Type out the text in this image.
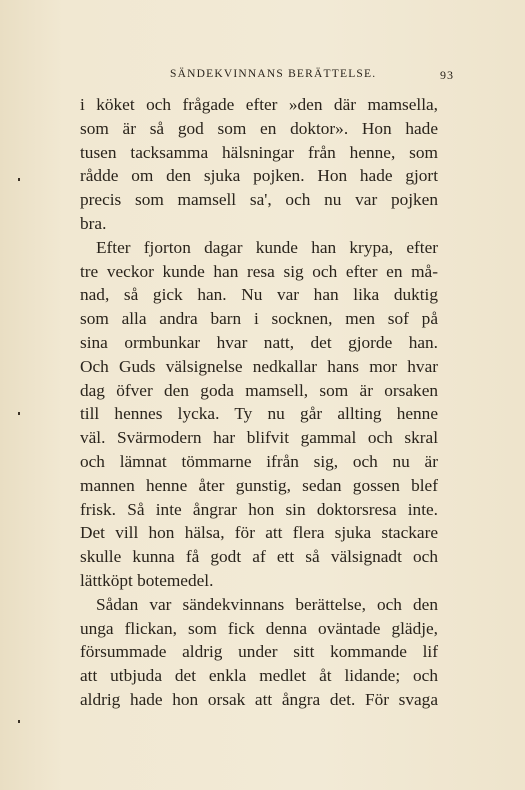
SÄNDEKVINNANS BERÄTTELSE.	93
i köket och frågade efter »den där mamsella,
som är så god som en doktor». Hon hade
tusen tacksamma hälsningar från henne, som
rådde om den sjuka pojken. Hon hade gjort
precis som mamsell sa', och nu var pojken
bra.
Efter fjorton dagar kunde han krypa, efter
tre veckor kunde han resa sig och efter en må-
nad, så gick han. Nu var han lika duktig
som alla andra barn i socknen, men sof på
sina ormbunkar hvar natt, det gjorde han.
Och Guds välsignelse nedkallar hans mor hvar
dag öfver den goda mamsell, som är orsaken
till hennes lycka. Ty nu går allting henne
väl. Svärmodern har blifvit gammal och skral
och lämnat tömmarne ifrån sig, och nu är
mannen henne åter gunstig, sedan gossen blef
frisk. Så inte ångrar hon sin doktorsresa inte.
Det vill hon hälsa, för att flera sjuka stackare
skulle kunna få godt af ett så välsignadt och
lättköpt botemedel.
Sådan var sändekvinnans berättelse, och den
unga flickan, som fick denna oväntade glädje,
försummade aldrig under sitt kommande lif
att utbjuda det enkla medlet åt lidande; och
aldrig hade hon orsak att ångra det. För svaga
